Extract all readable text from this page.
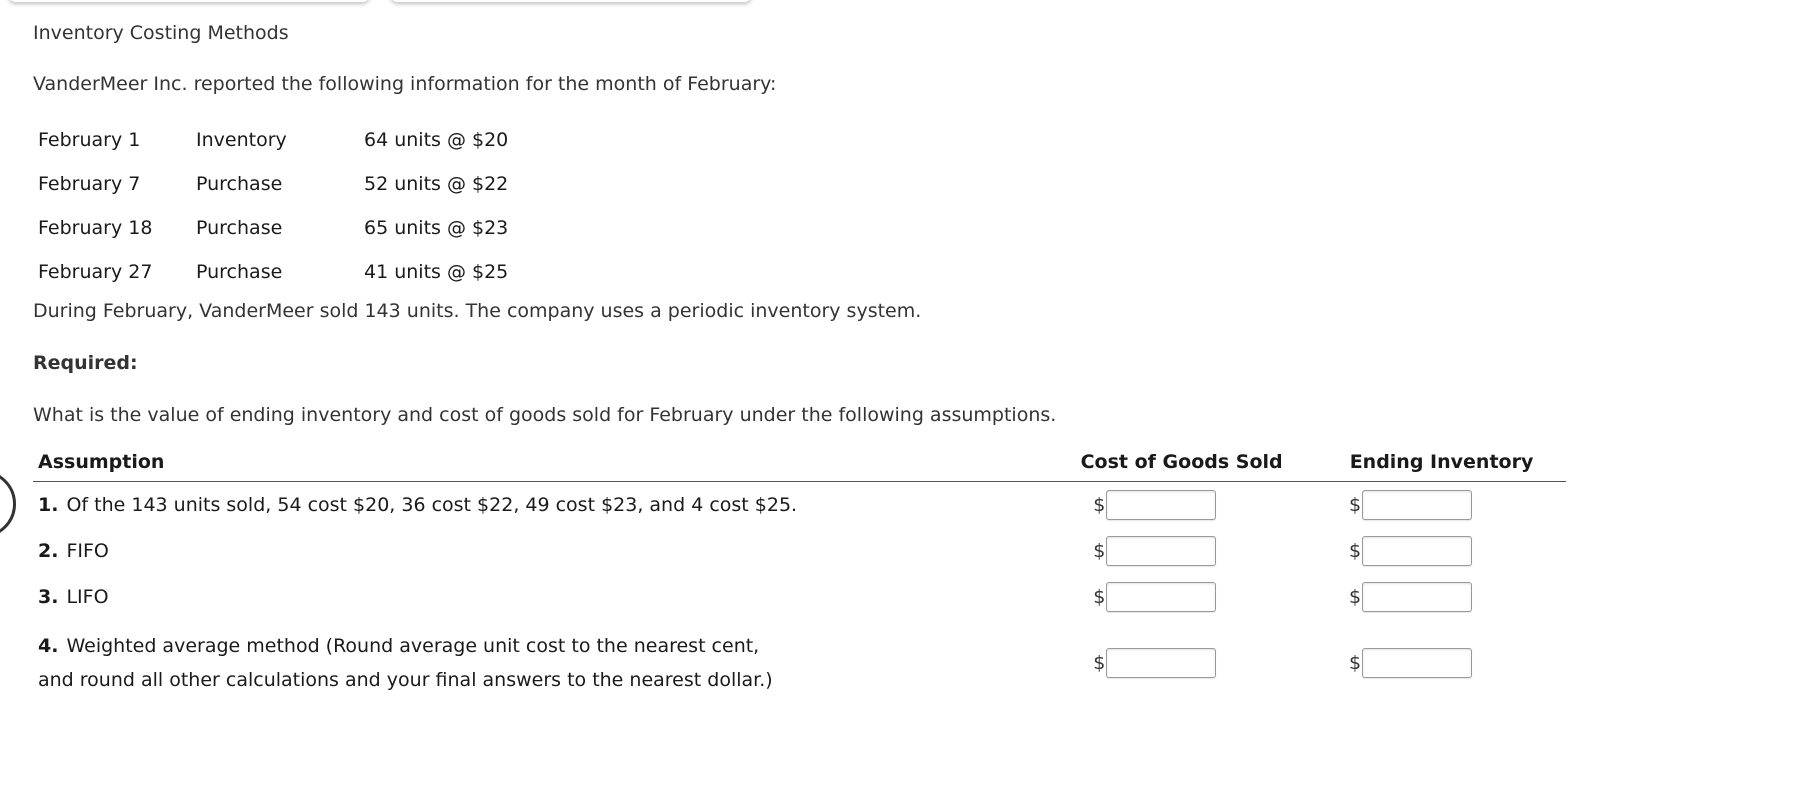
Inventory Costing Methods
VanderMeer Inc. reported the following information for the month of February:
February 1	Inventory	64 units @ $20
February 7	Purchase	52 units @ $22
February 18	Purchase	65 units @ $23
February 27	Purchase	41 units @ $25
During February, VanderMeer sold 143 units. The company uses a periodic inventory system.
Required:
What is the value of ending inventory and cost of goods sold for February under the following assumptions.
Assumption	Cost of Goods Sold	Ending Inventory
1. Of the 143 units sold, 54 cost $20, 36 cost $22, 49 cost $23, and 4 cost $25.	$	$

2. FIFO	$	$

3. LIFO	$	$

4. Weighted average method (Round average unit cost to the nearest cent,
and round all other calculations and your final answers to the nearest dollar.)	$	$
